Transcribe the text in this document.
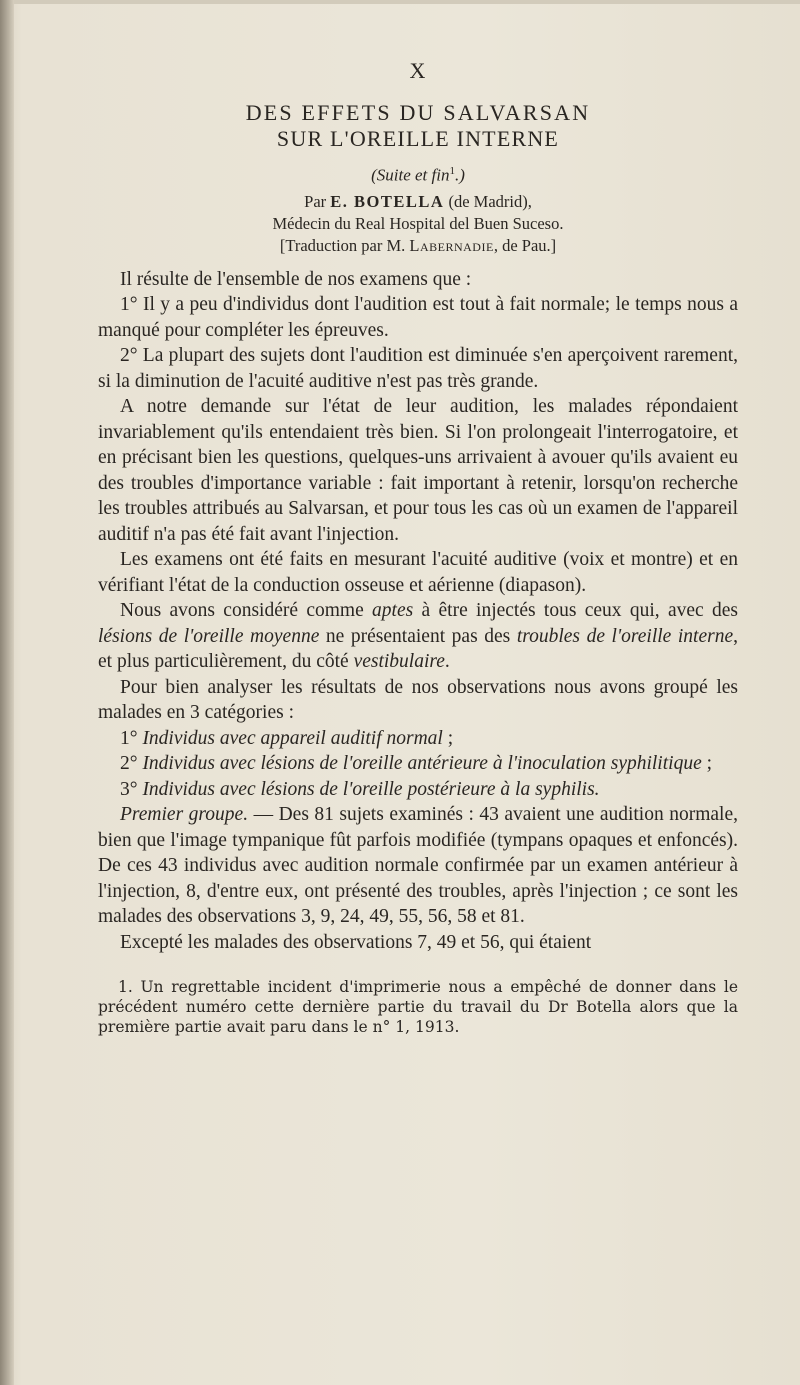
X

DES EFFETS DU SALVARSAN

SUR L'OREILLE INTERNE

(Suite et fin$^1$.)

Par E. BOTELLA (de Madrid),

Médecin du Real Hospital del Buen Suceso.

[Traduction par M. Labernadie, de Pau.]

Il résulte de l'ensemble de nos examens que :

1° Il y a peu d'individus dont l'audition est tout à fait normale; le temps nous a manqué pour compléter les épreuves.

2° La plupart des sujets dont l'audition est diminuée s'en aperçoivent rarement, si la diminution de l'acuité auditive n'est pas très grande.

A notre demande sur l'état de leur audition, les malades répondaient invariablement qu'ils entendaient très bien. Si l'on prolongeait l'interrogatoire, et en précisant bien les questions, quelques-uns arrivaient à avouer qu'ils avaient eu des troubles d'importance variable : fait important à retenir, lorsqu'on recherche les troubles attribués au Salvarsan, et pour tous les cas où un examen de l'appareil auditif n'a pas été fait avant l'injection.

Les examens ont été faits en mesurant l'acuité auditive (voix et montre) et en vérifiant l'état de la conduction osseuse et aérienne (diapason).

Nous avons considéré comme aptes à être injectés tous ceux qui, avec des lésions de l'oreille moyenne ne présentaient pas des troubles de l'oreille interne, et plus particulièrement, du côté vestibulaire.

Pour bien analyser les résultats de nos observations nous avons groupé les malades en 3 catégories :

1° Individus avec appareil auditif normal ;

2° Individus avec lésions de l'oreille antérieure à l'inoculation syphilitique ;

3° Individus avec lésions de l'oreille postérieure à la syphilis.

Premier groupe. — Des 81 sujets examinés : 43 avaient une audition normale, bien que l'image tympanique fût parfois modifiée (tympans opaques et enfoncés). De ces 43 individus avec audition normale confirmée par un examen antérieur à l'injection, 8, d'entre eux, ont présenté des troubles, après l'injection ; ce sont les malades des observations 3, 9, 24, 49, 55, 56, 58 et 81.

Excepté les malades des observations 7, 49 et 56, qui étaient

1. Un regrettable incident d'imprimerie nous a empêché de donner dans le précédent numéro cette dernière partie du travail du Dr Botella alors que la première partie avait paru dans le n° 1, 1913.
